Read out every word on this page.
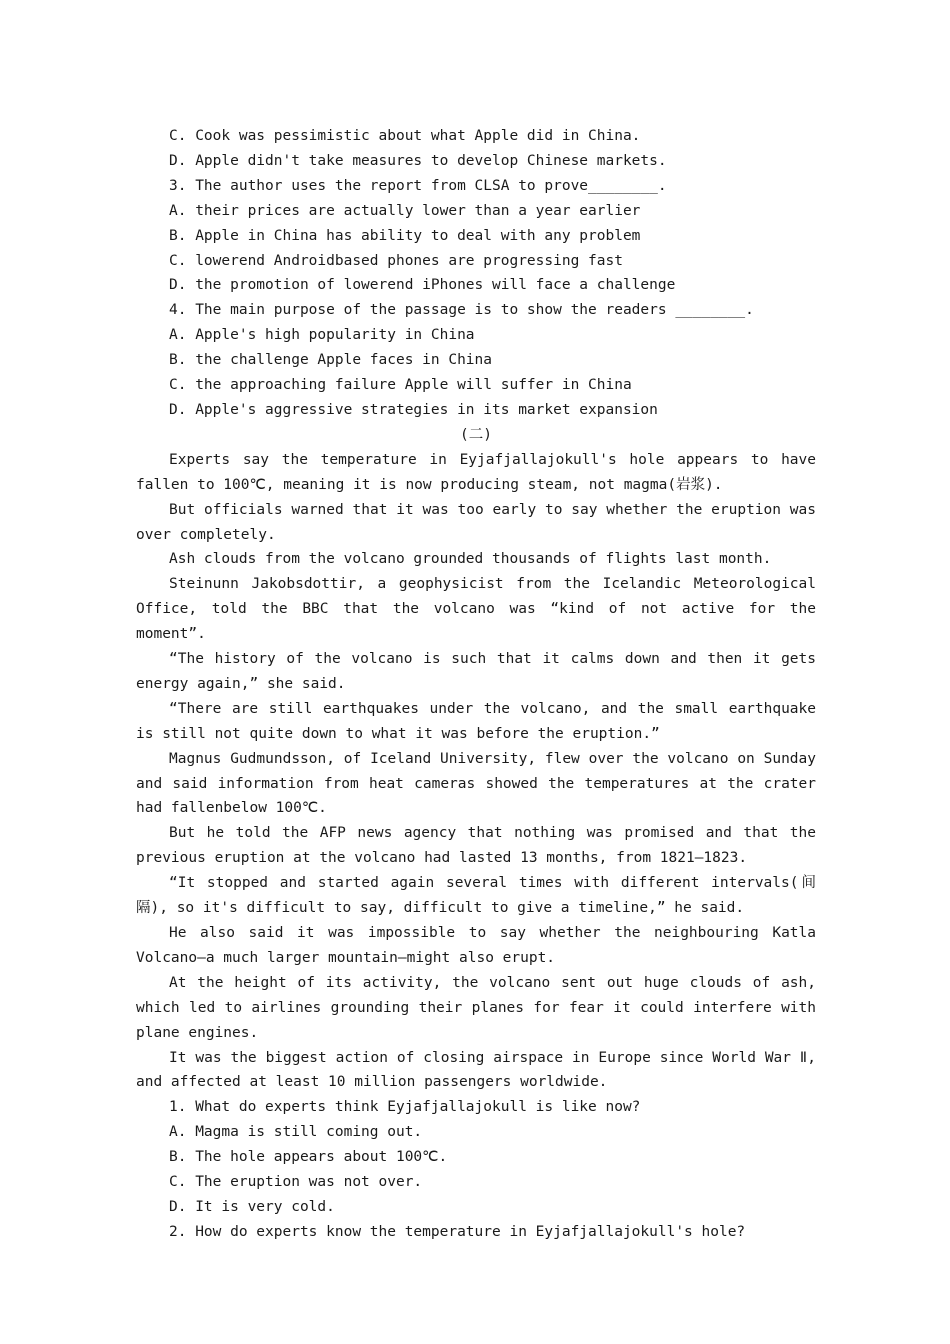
C. Cook was pessimistic about what Apple did in China.

D. Apple didn't take measures to develop Chinese markets.

3. The author uses the report from CLSA to prove________.

A. their prices are actually lower than a year earlier

B. Apple in China has ability to deal with any problem

C. lowerend Androidbased phones are progressing fast

D. the promotion of lowerend iPhones will face a challenge

4. The main purpose of the passage is to show the readers ________.

A. Apple's high popularity in China

B. the challenge Apple faces in China

C. the approaching failure Apple will suffer in China

D. Apple's aggressive strategies in its market expansion

(二)

Experts say the temperature in Eyjafjallajokull's hole appears to have fallen to 100℃, meaning it is now producing steam, not magma(岩浆).

But officials warned that it was too early to say whether the eruption was over completely.

Ash clouds from the volcano grounded thousands of flights last month.

Steinunn Jakobsdottir, a geophysicist from the Icelandic Meteorological Office, told the BBC that the volcano was “kind of not active for the moment”.

“The history of the volcano is such that it calms down and then it gets energy again,” she said.

“There are still earthquakes under the volcano, and the small earthquake is still not quite down to what it was before the eruption.”

Magnus Gudmundsson, of Iceland University, flew over the volcano on Sunday and said information from heat cameras showed the temperatures at the crater had fallenbelow 100℃.

But he told the AFP news agency that nothing was promised and that the previous eruption at the volcano had lasted 13 months, from 1821—1823.

“It stopped and started again several times with different intervals(间隔), so it's difficult to say, difficult to give a timeline,” he said.

He also said it was impossible to say whether the neighbouring Katla Volcano—a much larger mountain—might also erupt.

At the height of its activity, the volcano sent out huge clouds of ash, which led to airlines grounding their planes for fear it could interfere with plane engines.

It was the biggest action of closing airspace in Europe since World War Ⅱ, and affected at least 10 million passengers worldwide.

1. What do experts think Eyjafjallajokull is like now?

A. Magma is still coming out.

B. The hole appears about 100℃.

C. The eruption was not over.

D. It is very cold.

2. How do experts know the temperature in Eyjafjallajokull's hole?
